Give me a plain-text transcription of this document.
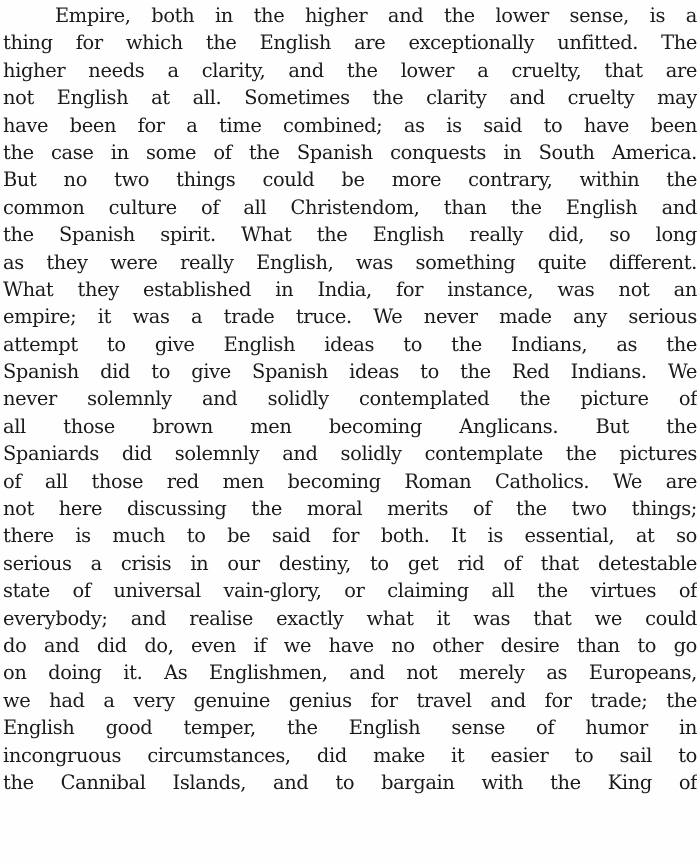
Empire, both in the higher and the lower sense, is a
thing for which the English are exceptionally unfitted. The
higher needs a clarity, and the lower a cruelty, that are
not English at all. Sometimes the clarity and cruelty may
have been for a time combined; as is said to have been
the case in some of the Spanish conquests in South America.
But no two things could be more contrary, within the
common culture of all Christendom, than the English and
the Spanish spirit. What the English really did, so long
as they were really English, was something quite different.
What they established in India, for instance, was not an
empire; it was a trade truce. We never made any serious
attempt to give English ideas to the Indians, as the
Spanish did to give Spanish ideas to the Red Indians. We
never solemnly and solidly contemplated the picture of
all those brown men becoming Anglicans. But the
Spaniards did solemnly and solidly contemplate the pictures
of all those red men becoming Roman Catholics. We are
not here discussing the moral merits of the two things;
there is much to be said for both. It is essential, at so
serious a crisis in our destiny, to get rid of that detestable
state of universal vain-glory, or claiming all the virtues of
everybody; and realise exactly what it was that we could
do and did do, even if we have no other desire than to go
on doing it. As Englishmen, and not merely as Europeans,
we had a very genuine genius for travel and for trade; the
English good temper, the English sense of humor in
incongruous circumstances, did make it easier to sail to
the Cannibal Islands, and to bargain with the King of
